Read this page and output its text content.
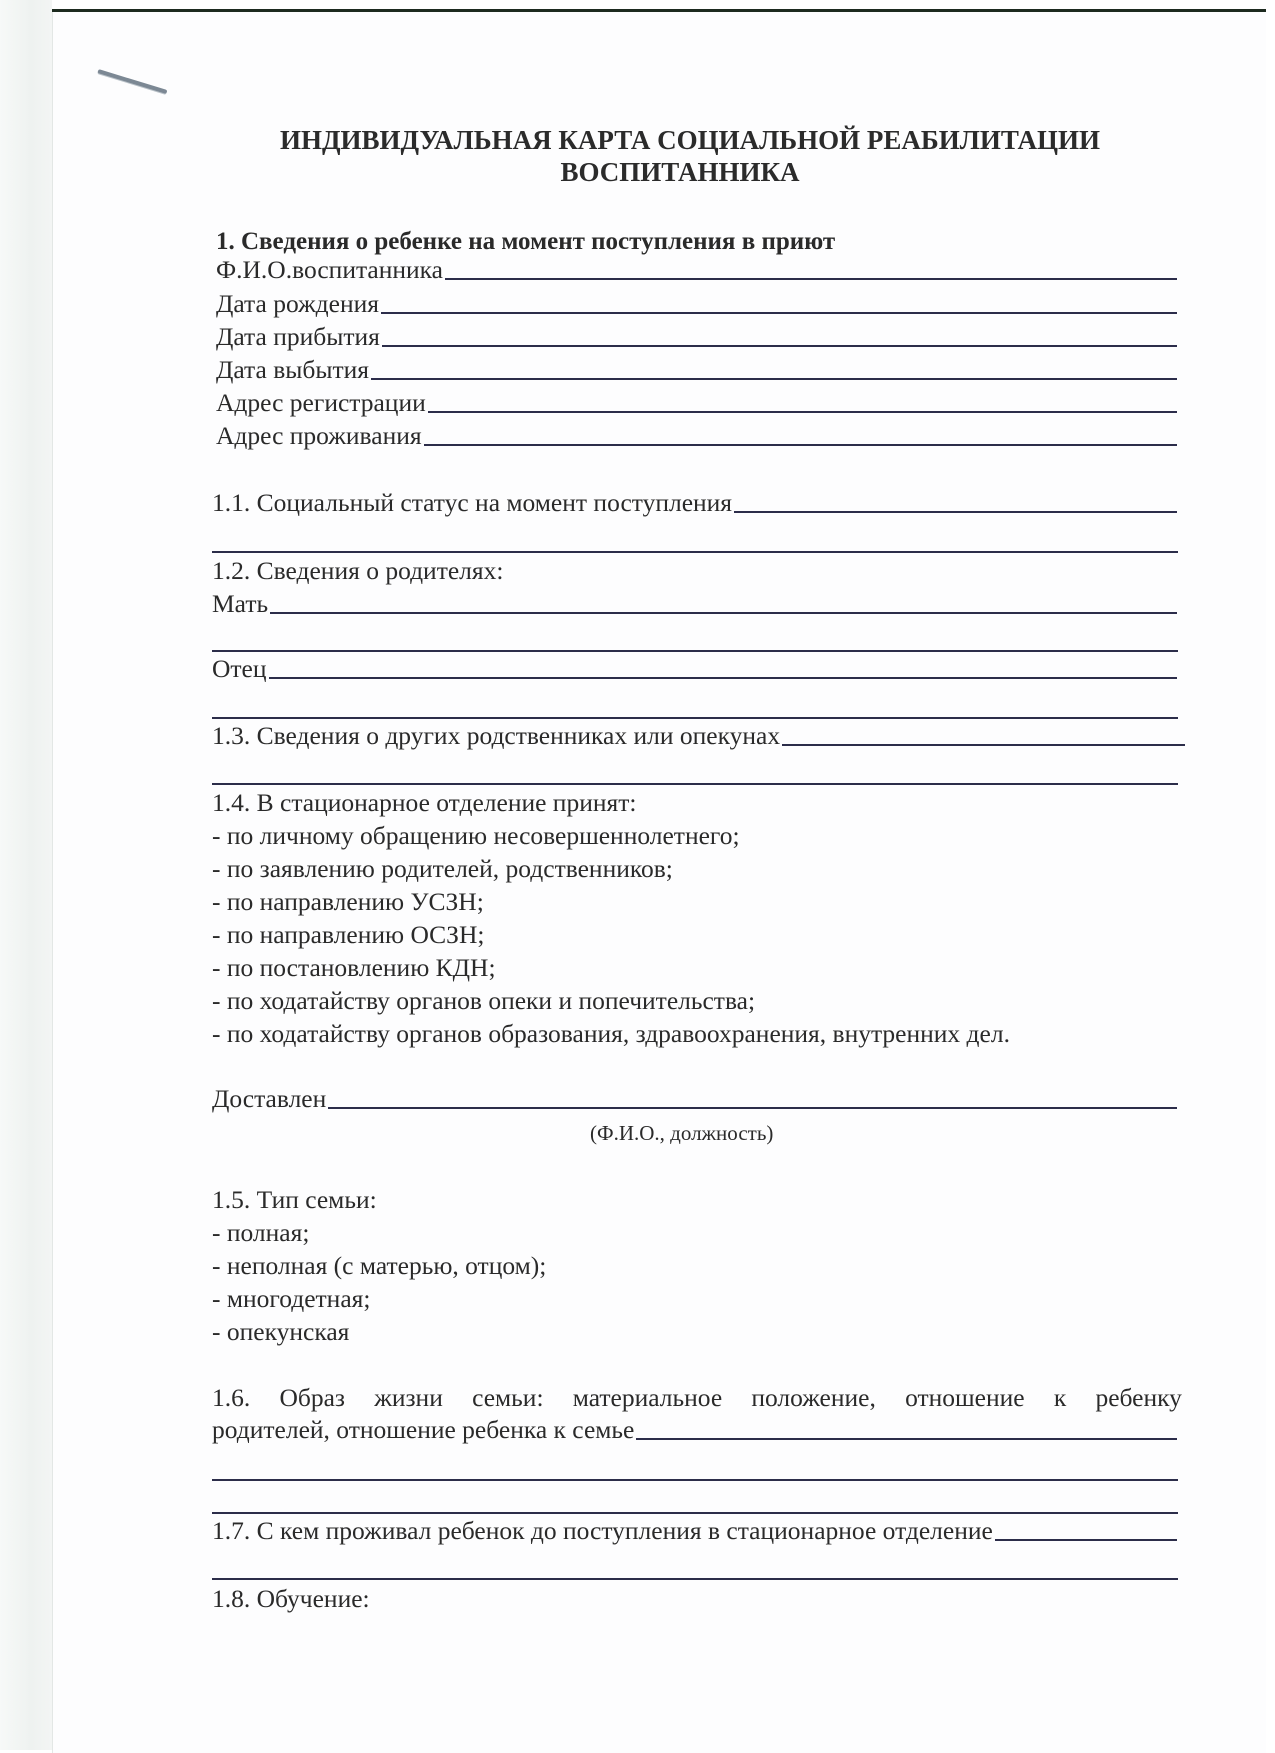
ИНДИВИДУАЛЬНАЯ КАРТА СОЦИАЛЬНОЙ РЕАБИЛИТАЦИИ
ВОСПИТАННИКА
1. Сведения о ребенке на момент поступления в приют
Ф.И.О.воспитанника
Дата рождения
Дата прибытия
Дата выбытия
Адрес регистрации
Адрес проживания
1.1. Социальный статус на момент поступления
1.2. Сведения о родителях:
Мать
Отец
1.3. Сведения о других родственниках или опекунах
1.4. В стационарное отделение принят:
- по личному обращению несовершеннолетнего;
- по заявлению родителей, родственников;
- по направлению УСЗН;
- по направлению ОСЗН;
- по постановлению КДН;
- по ходатайству органов опеки и попечительства;
- по ходатайству органов образования, здравоохранения, внутренних дел.
Доставлен
(Ф.И.О., должность)
1.5. Тип семьи:
- полная;
- неполная (с матерью, отцом);
- многодетная;
- опекунская
1.6. Образ жизни семьи: материальное положение, отношение к ребенку
родителей, отношение ребенка к семье
1.7. С кем проживал ребенок до поступления в стационарное отделение
1.8. Обучение:
